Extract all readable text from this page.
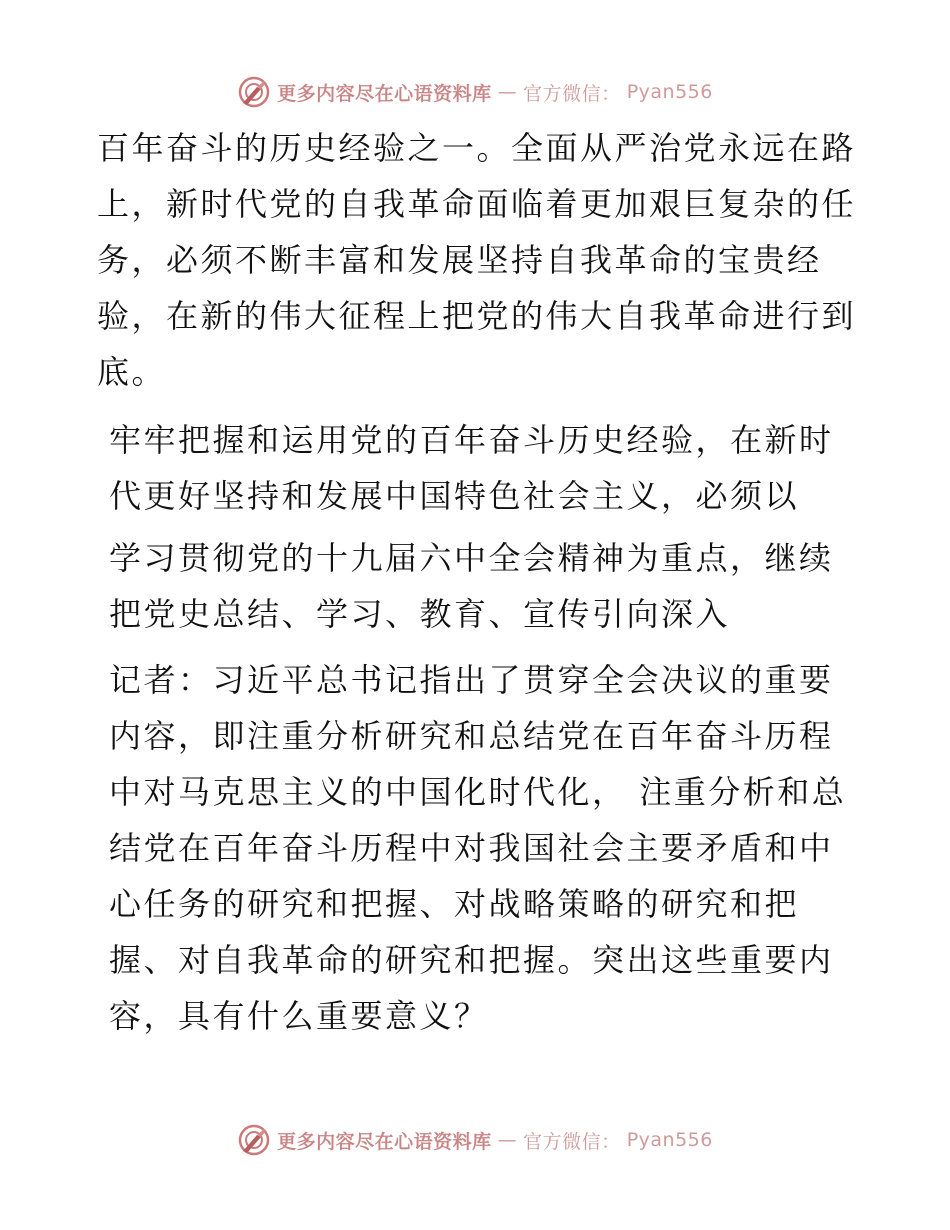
更多内容尽在心语资料库 — 官方微信： Pyan556

百年奋斗的历史经验之一。全面从严治党永远在路上，新时代党的自我革命面临着更加艰巨复杂的任务，必须不断丰富和发展坚持自我革命的宝贵经验，在新的伟大征程上把党的伟大自我革命进行到底。

牢牢把握和运用党的百年奋斗历史经验，在新时代更好坚持和发展中国特色社会主义，必须以

学习贯彻党的十九届六中全会精神为重点，继续把党史总结、学习、教育、宣传引向深入

记者：习近平总书记指出了贯穿全会决议的重要内容，即注重分析研究和总结党在百年奋斗历程中对马克思主义的中国化时代化， 注重分析和总结党在百年奋斗历程中对我国社会主要矛盾和中心任务的研究和把握、对战略策略的研究和把握、对自我革命的研究和把握。突出这些重要内容，具有什么重要意义？

更多内容尽在心语资料库 — 官方微信： Pyan556
